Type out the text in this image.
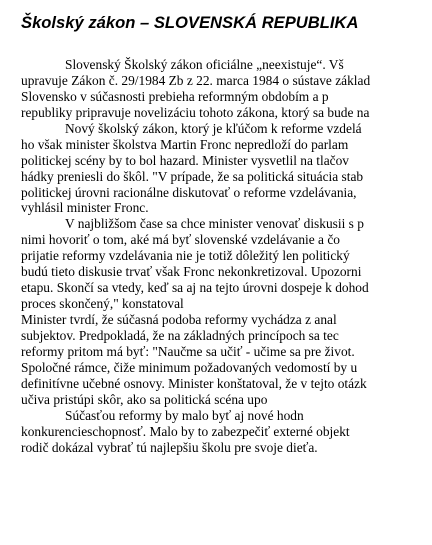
Školský zákon – SLOVENSKÁ REPUBLIKA
Slovenský Školský zákon oficiálne „neexistuje“. Vš
upravuje Zákon č. 29/1984 Zb z 22. marca 1984 o sústave základ
Slovensko v súčasnosti prebieha reformným obdobím a p
republiky pripravuje novelizáciu tohoto zákona, ktorý sa bude na
Nový školský zákon, ktorý je kľúčom k reforme vzdelá
ho však minister školstva Martin Fronc nepredloží do parlam
politickej scény by to bol hazard. Minister vysvetlil na tlačov
hádky preniesli do škôl. "V prípade, že sa politická situácia stab
politickej úrovni racionálne diskutovať o reforme vzdelávania,
vyhlásil minister Fronc.
V najbližšom čase sa chce minister venovať diskusii s p
nimi hovoriť o tom, aké má byť slovenské vzdelávanie a čo
prijatie reformy vzdelávania nie je totiž dôležitý len politický
budú tieto diskusie trvať však Fronc nekonkretizoval. Upozorni
etapu. Skončí sa vtedy, keď sa aj na tejto úrovni dospeje k dohod
proces skončený," konstatoval
Minister tvrdí, že súčasná podoba reformy vychádza z anal
subjektov. Predpokladá, že na základných princípoch sa tec
reformy pritom má byť: "Naučme sa učiť - učime sa pre život.
Spoločné rámce, čiže minimum požadovaných vedomostí by u
definitívne učebné osnovy. Minister konštatoval, že v tejto otázk
učiva pristúpi skôr, ako sa politická scéna upo
Súčasťou reformy by malo byť aj nové hodn
konkurencieschopnosť. Malo by to zabezpečiť externé objekt
rodič dokázal vybrať tú najlepšiu školu pre svoje dieťa.
